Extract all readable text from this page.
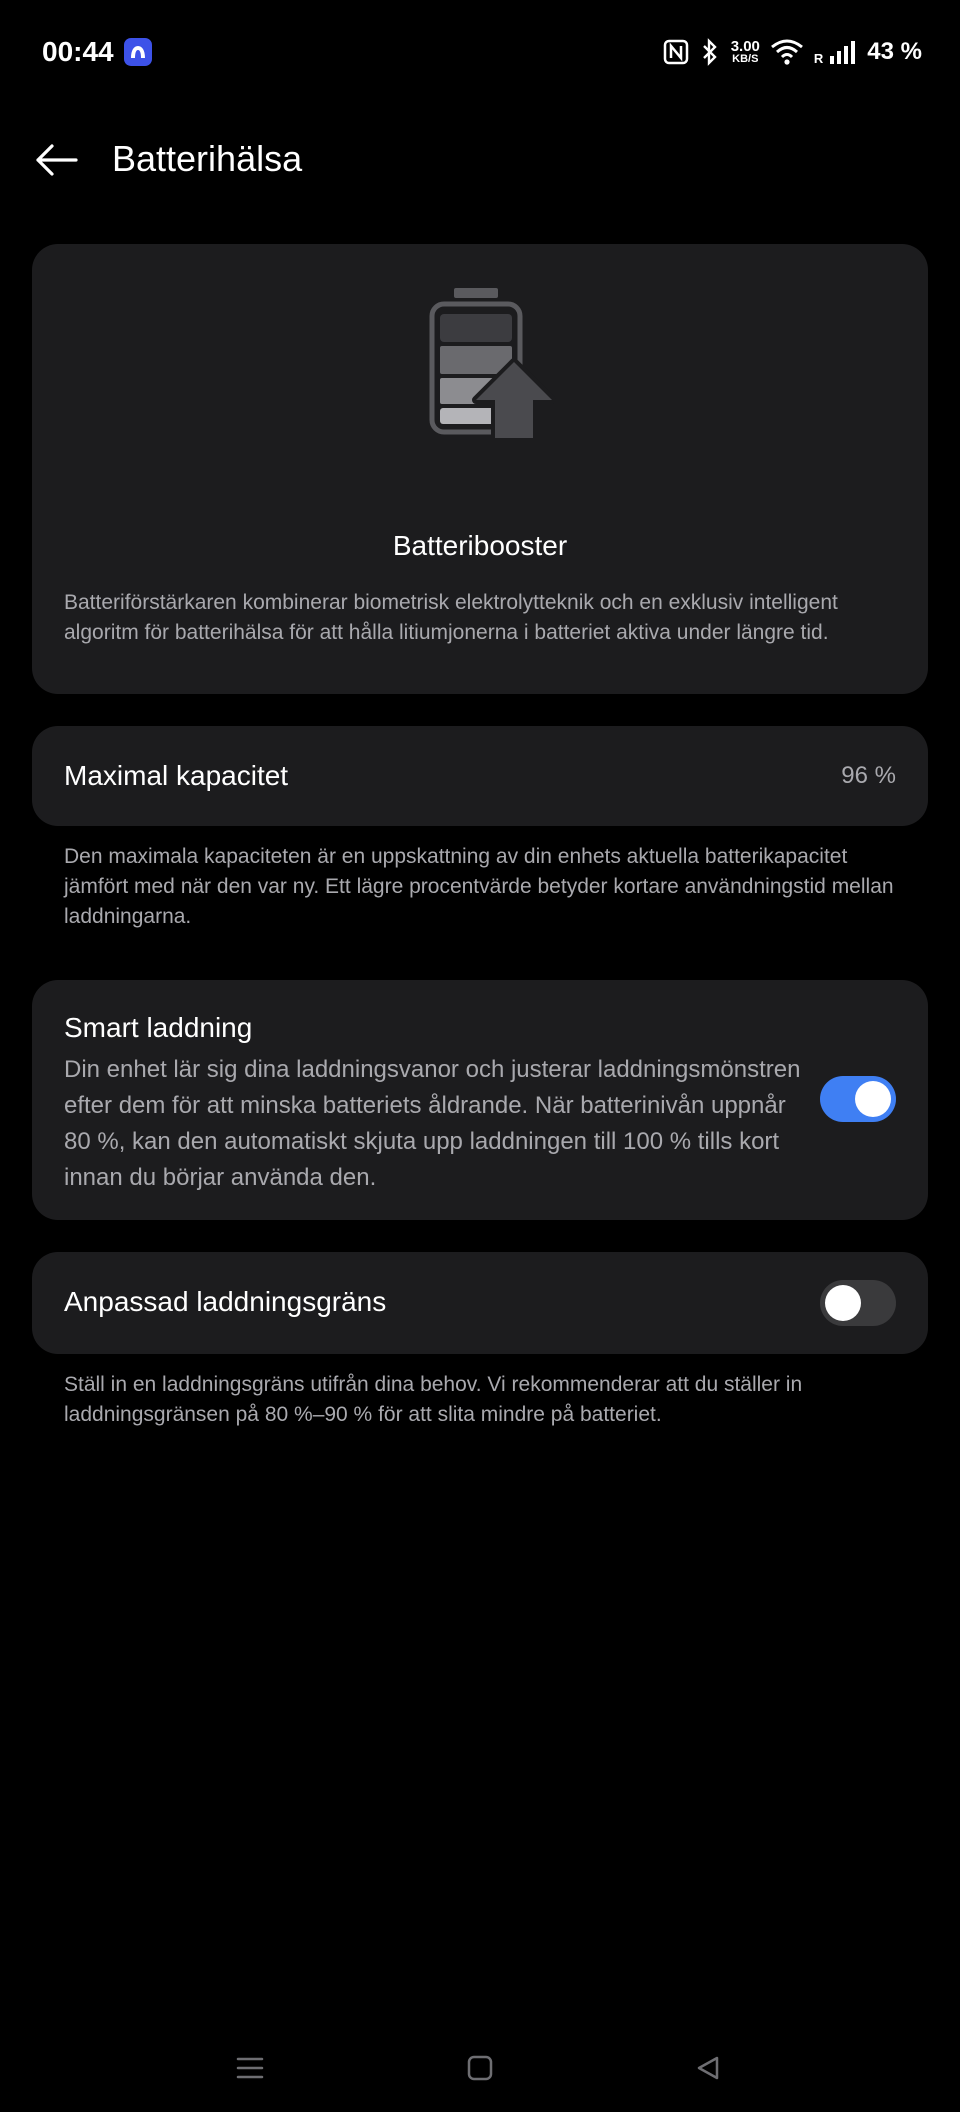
00:44	3.00
KB/S	R 43 %
Batterihälsa
Batteribooster
Batteriförstärkaren kombinerar biometrisk elektrolytteknik och en exklusiv intelligent algoritm för batterihälsa för att hålla litiumjonerna i batteriet aktiva under längre tid.
Maximal kapacitet	96 %
Den maximala kapaciteten är en uppskattning av din enhets aktuella batterikapacitet jämfört med när den var ny. Ett lägre procentvärde betyder kortare användningstid mellan laddningarna.
Smart laddning
Din enhet lär sig dina laddningsvanor och justerar laddningsmönstren efter dem för att minska batteriets åldrande. När batterinivån uppnår 80 %, kan den automatiskt skjuta upp laddningen till 100 % tills kort innan du börjar använda den.
Anpassad laddningsgräns
Ställ in en laddningsgräns utifrån dina behov. Vi rekommenderar att du ställer in laddningsgränsen på 80 %–90 % för att slita mindre på batteriet.
